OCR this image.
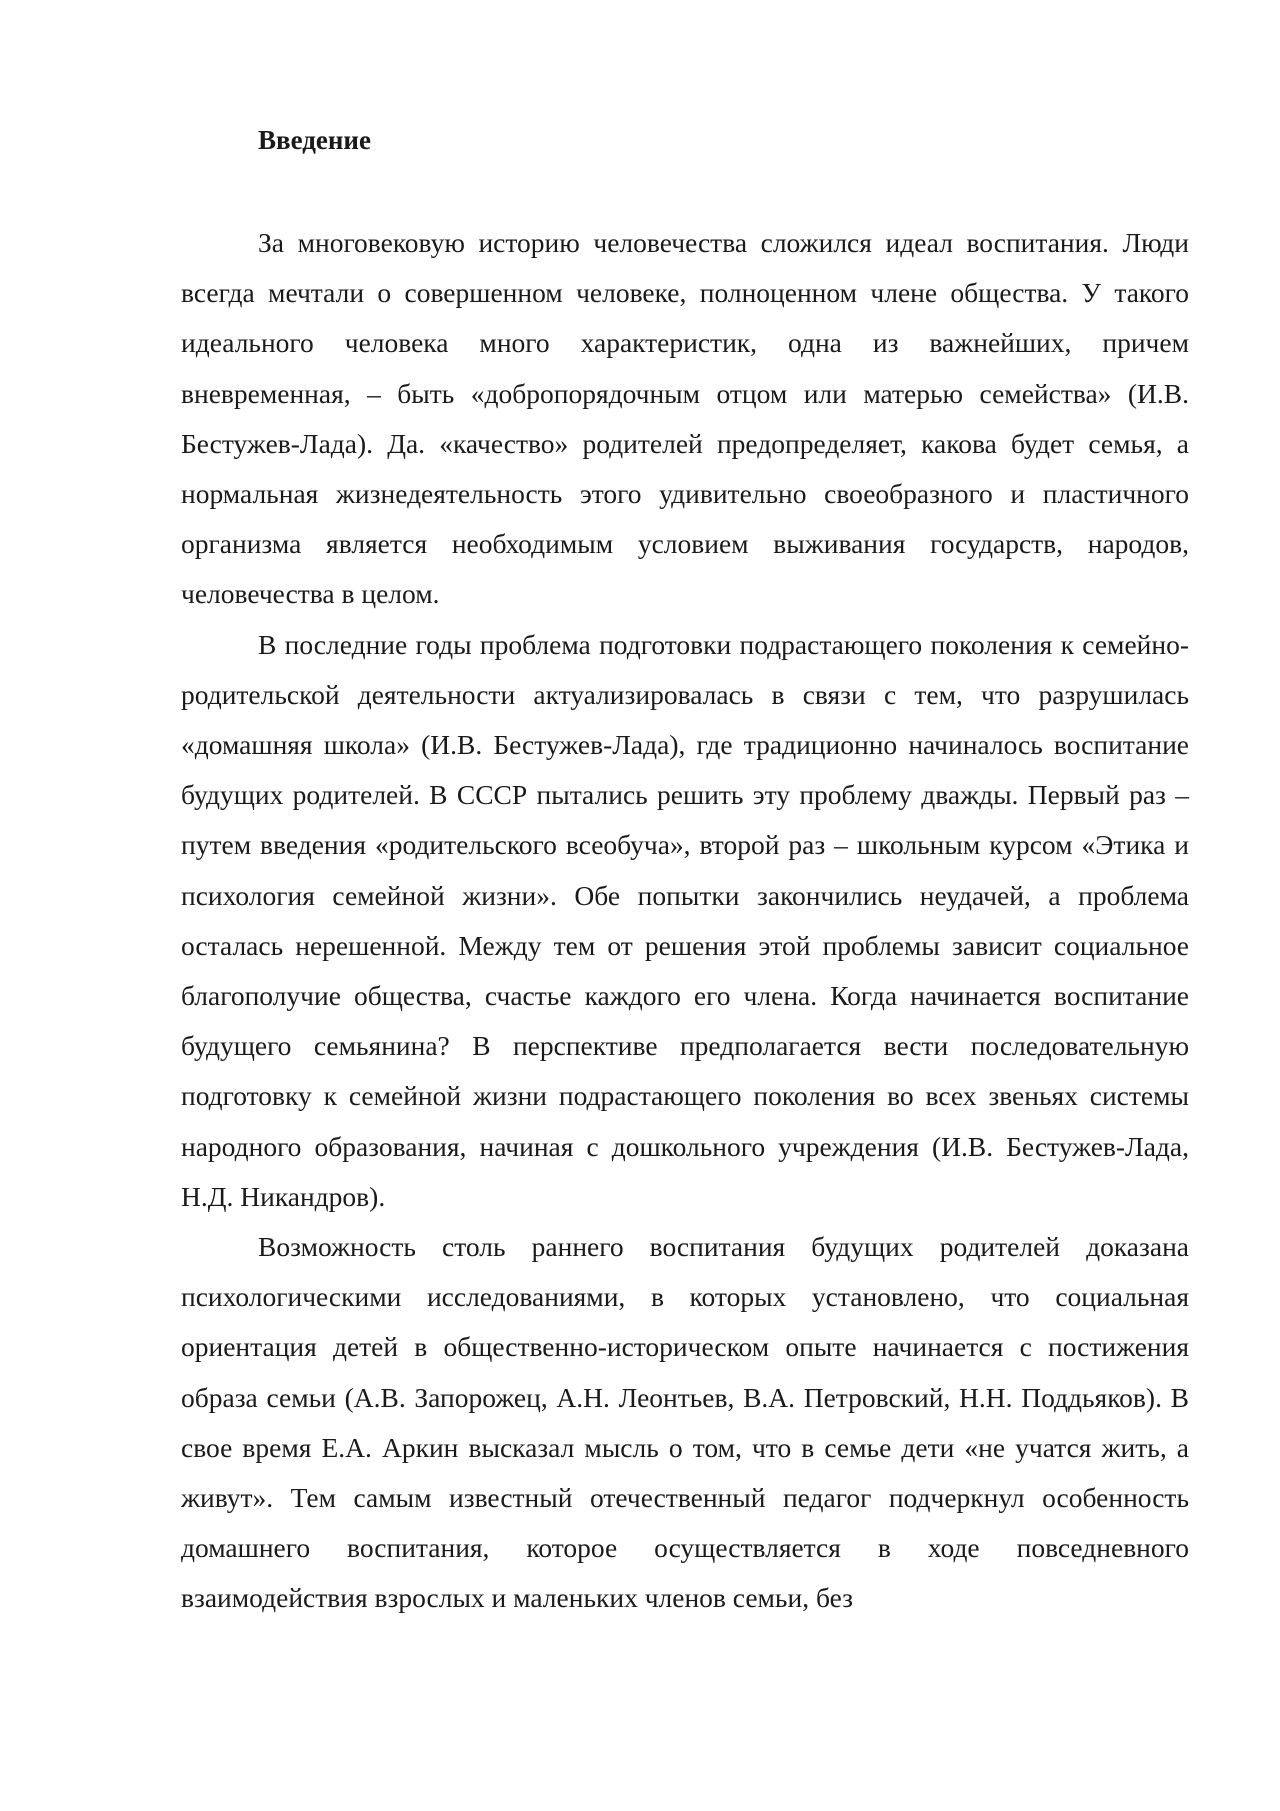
Введение

За многовековую историю человечества сложился идеал воспитания. Люди всегда мечтали о совершенном человеке, полноценном члене общества. У такого идеального человека много характеристик, одна из важнейших, причем вневременная, – быть «добропорядочным отцом или матерью семейства» (И.В. Бестужев-Лада). Да. «качество» родителей предопределяет, какова будет семья, а нормальная жизнедеятельность этого удивительно своеобразного и пластичного организма является необходимым условием выживания государств, народов, человечества в целом.

В последние годы проблема подготовки подрастающего поколения к семейно-родительской деятельности актуализировалась в связи с тем, что разрушилась «домашняя школа» (И.В. Бестужев-Лада), где традиционно начиналось воспитание будущих родителей. В СССР пытались решить эту проблему дважды. Первый раз – путем введения «родительского всеобуча», второй раз – школьным курсом «Этика и психология семейной жизни». Обе попытки закончились неудачей, а проблема осталась нерешенной. Между тем от решения этой проблемы зависит социальное благополучие общества, счастье каждого его члена. Когда начинается воспитание будущего семьянина? В перспективе предполагается вести последовательную подготовку к семейной жизни подрастающего поколения во всех звеньях системы народного образования, начиная с дошкольного учреждения (И.В. Бестужев-Лада, Н.Д. Никандров).

Возможность столь раннего воспитания будущих родителей доказана психологическими исследованиями, в которых установлено, что социальная ориентация детей в общественно-историческом опыте начинается с постижения образа семьи (А.В. Запорожец, А.Н. Леонтьев, В.А. Петровский, Н.Н. Поддьяков). В свое время Е.А. Аркин высказал мысль о том, что в семье дети «не учатся жить, а живут». Тем самым известный отечественный педагог подчеркнул особенность домашнего воспитания, которое осуществляется в ходе повседневного взаимодействия взрослых и маленьких членов семьи, без
